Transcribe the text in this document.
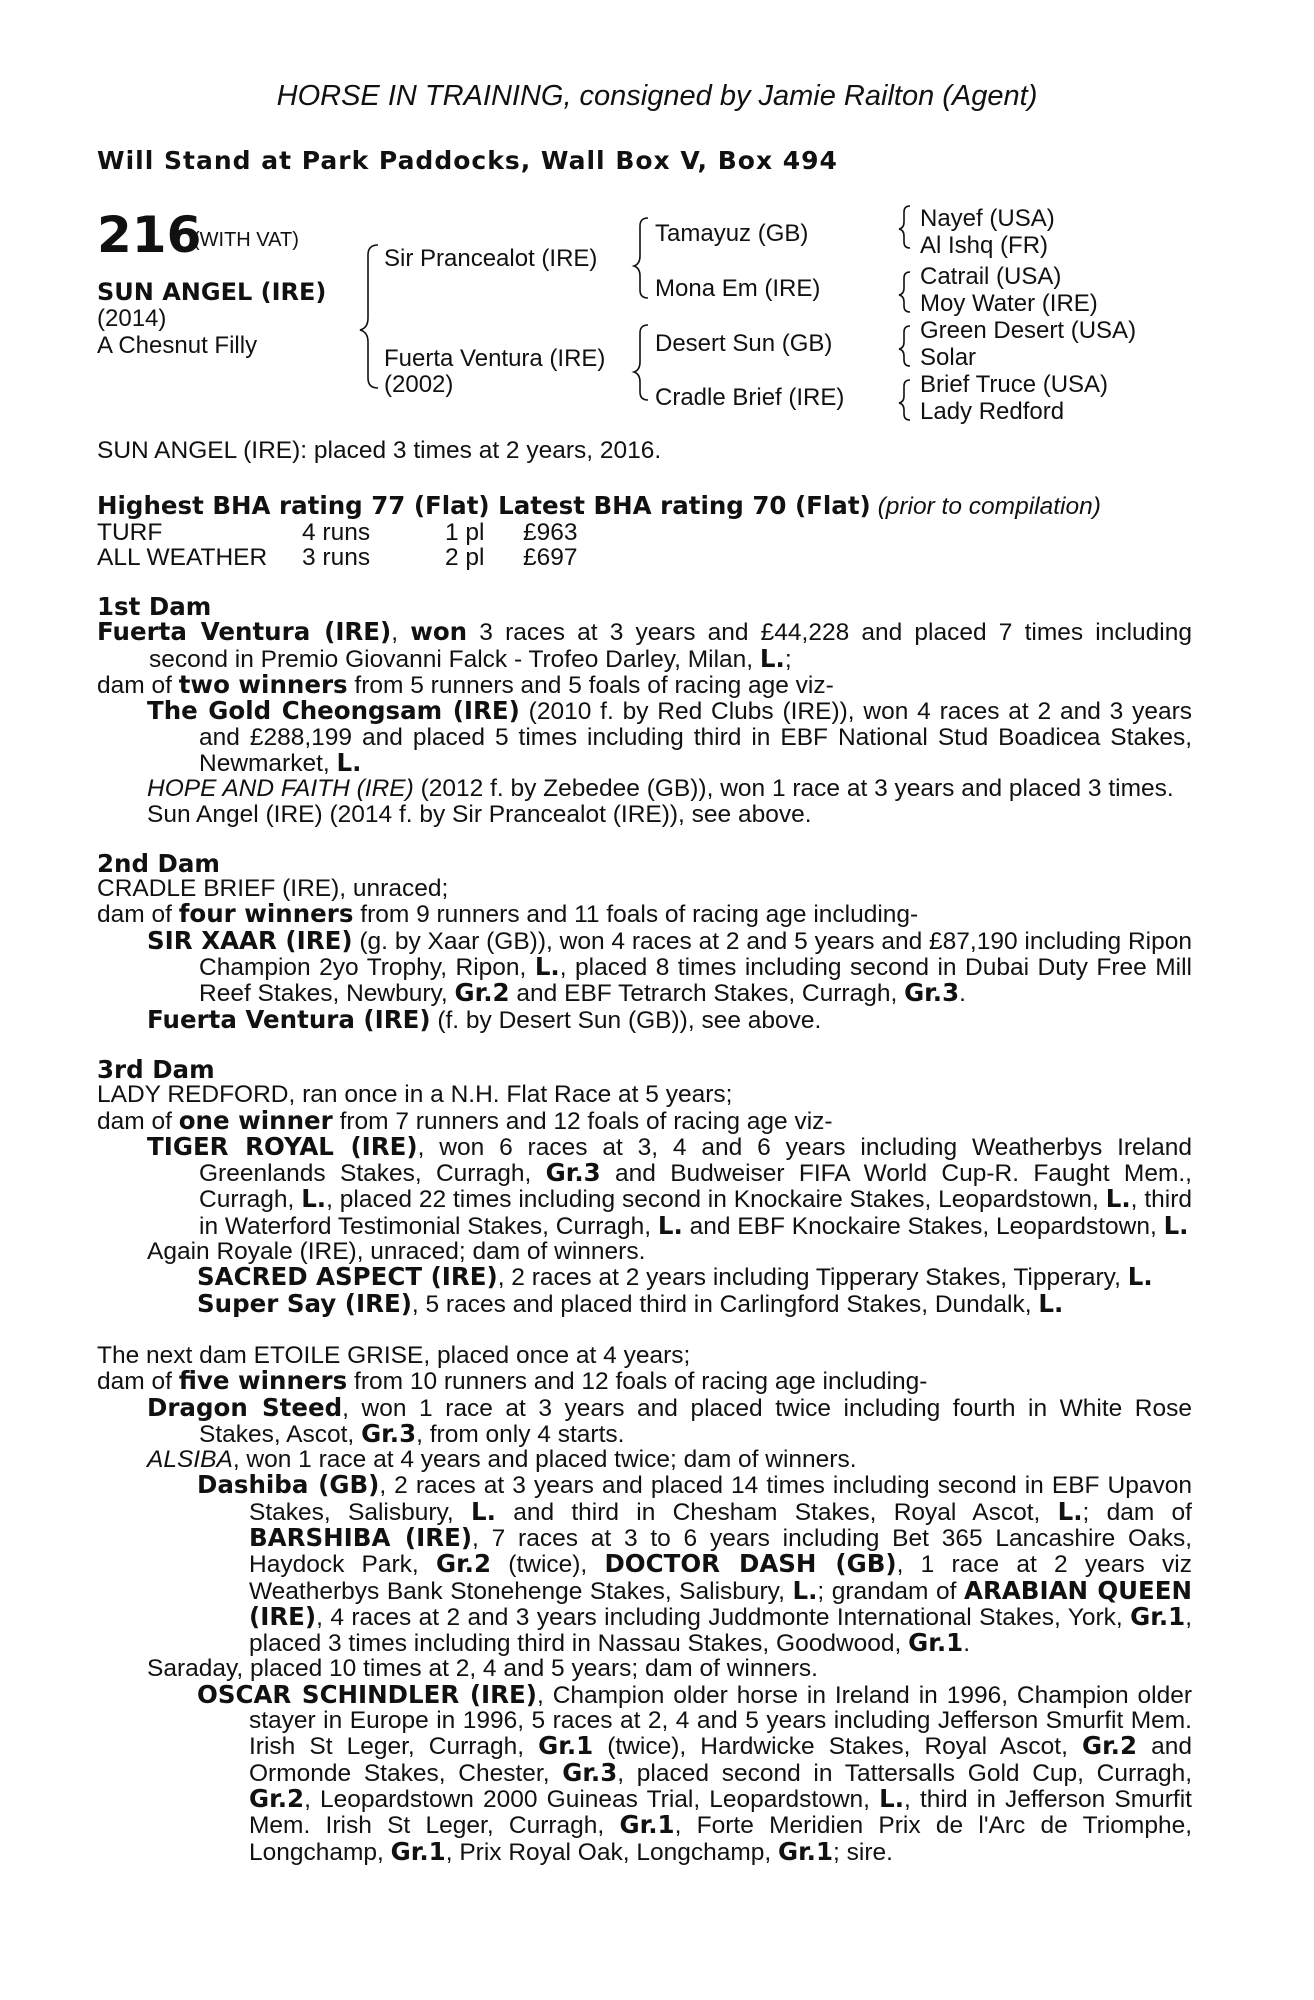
HORSE IN TRAINING, consigned by Jamie Railton (Agent)
Will Stand at Park Paddocks, Wall Box V, Box 494
216
(WITH VAT)
SUN ANGEL (IRE)
(2014)
A Chesnut Filly
Sir Prancealot (IRE)
Fuerta Ventura (IRE)
(2002)
Tamayuz (GB)
Mona Em (IRE)
Desert Sun (GB)
Cradle Brief (IRE)
Nayef (USA)
Al Ishq (FR)
Catrail (USA)
Moy Water (IRE)
Green Desert (USA)
Solar
Brief Truce (USA)
Lady Redford

SUN ANGEL (IRE): placed 3 times at 2 years, 2016.

Highest BHA rating 77 (Flat) Latest BHA rating 70 (Flat) (prior to compilation)

TURF	4 runs	1 pl £963
ALL WEATHER 3 runs	2 pl £697

1st Dam

Fuerta Ventura (IRE), won 3 races at 3 years and £44,228 and placed 7 times including second in Premio Giovanni Falck - Trofeo Darley, Milan, L.;

dam of two winners from 5 runners and 5 foals of racing age viz-

The Gold Cheongsam (IRE) (2010 f. by Red Clubs (IRE)), won 4 races at 2 and 3 years and £288,199 and placed 5 times including third in EBF National Stud Boadicea Stakes, Newmarket, L.

HOPE AND FAITH (IRE) (2012 f. by Zebedee (GB)), won 1 race at 3 years and placed 3 times.

Sun Angel (IRE) (2014 f. by Sir Prancealot (IRE)), see above.

2nd Dam

CRADLE BRIEF (IRE), unraced;

dam of four winners from 9 runners and 11 foals of racing age including-

SIR XAAR (IRE) (g. by Xaar (GB)), won 4 races at 2 and 5 years and £87,190 including Ripon Champion 2yo Trophy, Ripon, L., placed 8 times including second in Dubai Duty Free Mill Reef Stakes, Newbury, Gr.2 and EBF Tetrarch Stakes, Curragh, Gr.3.

Fuerta Ventura (IRE) (f. by Desert Sun (GB)), see above.

3rd Dam

LADY REDFORD, ran once in a N.H. Flat Race at 5 years;

dam of one winner from 7 runners and 12 foals of racing age viz-

TIGER ROYAL (IRE), won 6 races at 3, 4 and 6 years including Weatherbys Ireland Greenlands Stakes, Curragh, Gr.3 and Budweiser FIFA World Cup-R. Faught Mem., Curragh, L., placed 22 times including second in Knockaire Stakes, Leopardstown, L., third in Waterford Testimonial Stakes, Curragh, L. and EBF Knockaire Stakes, Leopardstown, L.

Again Royale (IRE), unraced; dam of winners.

SACRED ASPECT (IRE), 2 races at 2 years including Tipperary Stakes, Tipperary, L.

Super Say (IRE), 5 races and placed third in Carlingford Stakes, Dundalk, L.

The next dam ETOILE GRISE, placed once at 4 years;

dam of five winners from 10 runners and 12 foals of racing age including-

Dragon Steed, won 1 race at 3 years and placed twice including fourth in White Rose Stakes, Ascot, Gr.3, from only 4 starts.

ALSIBA, won 1 race at 4 years and placed twice; dam of winners.

Dashiba (GB), 2 races at 3 years and placed 14 times including second in EBF Upavon Stakes, Salisbury, L. and third in Chesham Stakes, Royal Ascot, L.; dam of BARSHIBA (IRE), 7 races at 3 to 6 years including Bet 365 Lancashire Oaks, Haydock Park, Gr.2 (twice), DOCTOR DASH (GB), 1 race at 2 years viz Weatherbys Bank Stonehenge Stakes, Salisbury, L.; grandam of ARABIAN QUEEN (IRE), 4 races at 2 and 3 years including Juddmonte International Stakes, York, Gr.1, placed 3 times including third in Nassau Stakes, Goodwood, Gr.1.

Saraday, placed 10 times at 2, 4 and 5 years; dam of winners.

OSCAR SCHINDLER (IRE), Champion older horse in Ireland in 1996, Champion older stayer in Europe in 1996, 5 races at 2, 4 and 5 years including Jefferson Smurfit Mem. Irish St Leger, Curragh, Gr.1 (twice), Hardwicke Stakes, Royal Ascot, Gr.2 and Ormonde Stakes, Chester, Gr.3, placed second in Tattersalls Gold Cup, Curragh, Gr.2, Leopardstown 2000 Guineas Trial, Leopardstown, L., third in Jefferson Smurfit Mem. Irish St Leger, Curragh, Gr.1, Forte Meridien Prix de l'Arc de Triomphe, Longchamp, Gr.1, Prix Royal Oak, Longchamp, Gr.1; sire.
